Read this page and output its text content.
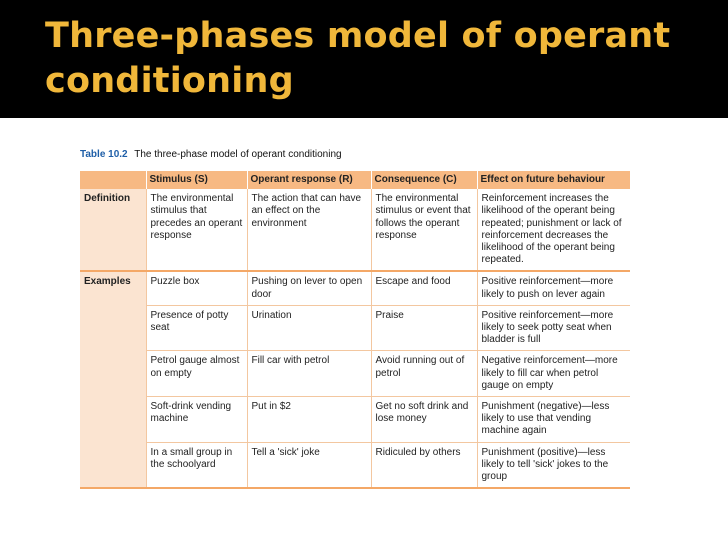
Three-phases model of operant conditioning
Table 10.2 The three-phase model of operant conditioning
	Stimulus (S)	Operant response (R)	Consequence (C)	Effect on future behaviour
Definition	The environmental stimulus that precedes an operant response	The action that can have an effect on the environment	The environmental stimulus or event that follows the operant response	Reinforcement increases the likelihood of the operant being repeated; punishment or lack of reinforcement decreases the likelihood of the operant being repeated.
Examples	Puzzle box	Pushing on lever to open door	Escape and food	Positive reinforcement—more likely to push on lever again
	Presence of potty seat	Urination	Praise	Positive reinforcement—more likely to seek potty seat when bladder is full
	Petrol gauge almost on empty	Fill car with petrol	Avoid running out of petrol	Negative reinforcement—more likely to fill car when petrol gauge on empty
	Soft-drink vending machine	Put in $2	Get no soft drink and lose money	Punishment (negative)—less likely to use that vending machine again
	In a small group in the schoolyard	Tell a 'sick' joke	Ridiculed by others	Punishment (positive)—less likely to tell 'sick' jokes to the group
